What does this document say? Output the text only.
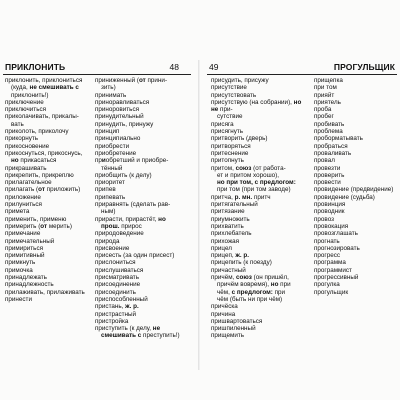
ПРИКЛОНИТЬ	48
приклонить, приклониться
(куда, не смешивать с
приклонить!)
приключение
приключиться
приколачивать, прикалы-
вать
приколоть, приколочу
прикорнуть
прикосновение
прикоснуться, прикоснусь,
но прикасаться
прикрашивать
прикрепить, прикреплю
прилагательное
прилагать (от приложить)
приложение
прилуниться
примета
применить, применю
примерить (от мерить)
примечание
примечательный
примириться
примитивный
примкнуть
примочка
принадлежать
принадлежность
прилаживать, прилаживать
принести
приниженный (от прини-
зить)
принимать
приноравливаться
приноровиться
принудительный
принудить, принужу
принцип
принципиально
приобрести
приобретение
приобретший и приобре-
тённый
приобщить (к делу)
приоритет
припев
припевать
приравнять (сделать рав-
ным)
прирасти, прирастёт, но
прош. прирос
природоведение
природа
присвоение
присесть (за один присест)
прислониться
прислушиваться
присматривать
присоединение
присоединить
приспособленный
пристань, ж. р.
пристрастный
пристройка
приступить (к делу, не
смешивать с преступить!)
49	ПРОГУЛЬЩИК
присудить, присужу
присутствие
присутствовать
присутствую (на собрании), но не при-
сутствие
присяга
присягнуть
притворить (дверь)
притворяться
притеснение
притопнуть
притом, союз (от работа-
ет и притом хорошо),
но при том, с предлогом:
при том (при том заводе)
притча, р. мн. притч
притягательный
притязание
приумножить
прихватить
прихлебатель
прихожая
прицел
прицеп, ж. р.
прицепить (к поезду)
причастный
причём, союз (он пришёл,
причём вовремя), но при
чём, с предлогом: при
чём (быть ни при чём)
причёска
причина
пришвартоваться
пришпиленный
прищемить
прищепка
при том
прияйт
приятель
проба
пробег
пробивать
проблема
проборматывать
пробраться
проваливать
провал
провезти
проверить
провести
провидение (предвидение)
провидение (судьба)
провинция
проводник
провоз
провокация
провозглашать
прогнать
прогнозировать
прогресс
программа
программист
прогрессивный
прогулка
прогульщик
